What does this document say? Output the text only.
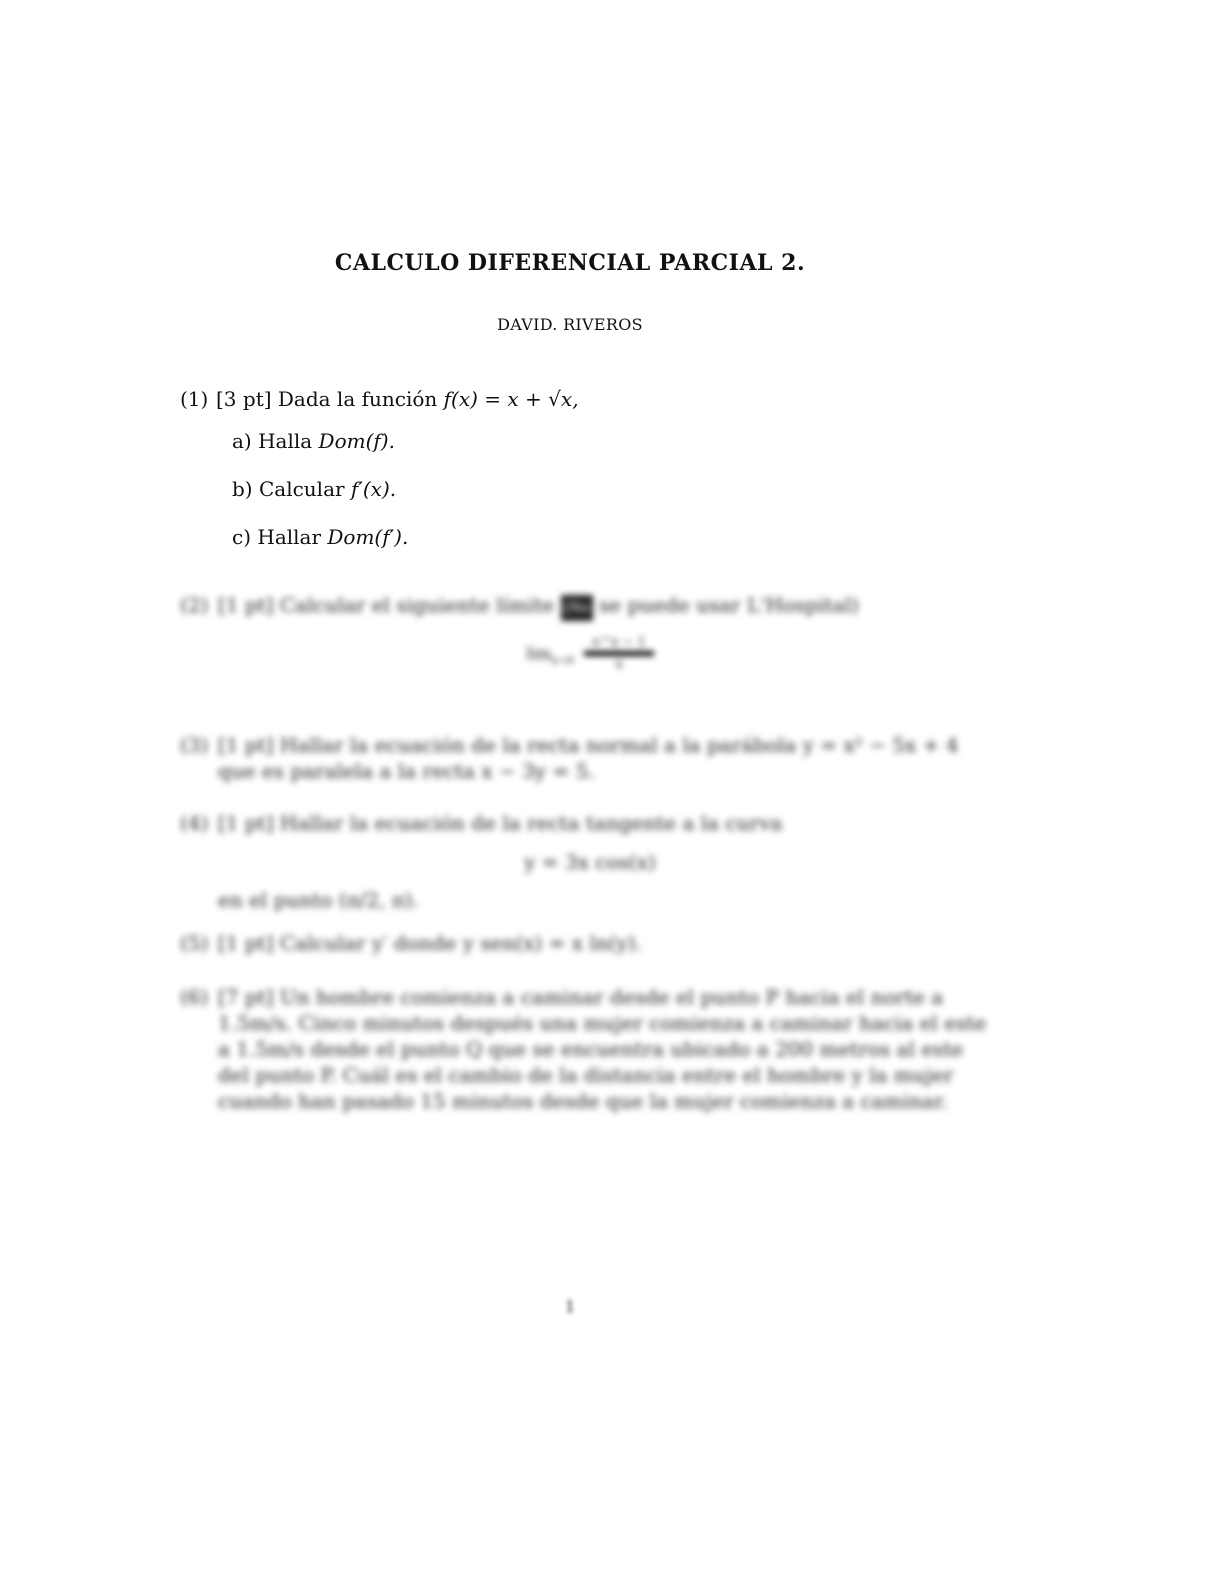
CALCULO DIFERENCIAL PARCIAL 2.
DAVID. RIVEROS
(1) [3 pt]
Dada la función
f(x) = x + √x,
a) Halla Dom(f).
b) Calcular f′(x).
c) Hallar Dom(f′).
(2) [1 pt] Calcular el siguiente límite (No se puede usar L'Hospital)
$\lim_{x\to 0}$
e^x − 1
x
(3) [1 pt] Hallar la ecuación de la recta normal a la parábola y = x² − 5x + 4 que es paralela a la recta x − 3y = 5.
(4) [1 pt] Hallar la ecuación de la recta tangente a la curva
y = 3x cos(x)
en el punto (π/2, π).
(5) [1 pt] Calcular y′ donde y sen(x) = x ln(y).
(6) [7 pt] Un hombre comienza a caminar desde el punto P hacia el norte a 1.5m/s. Cinco minutos después una mujer comienza a caminar hacia el este a 1.5m/s desde el punto Q que se encuentra ubicado a 200 metros al este del punto P. Cuál es el cambio de la distancia entre el hombre y la mujer cuando han pasado 15 minutos desde que la mujer comienza a caminar.
1
